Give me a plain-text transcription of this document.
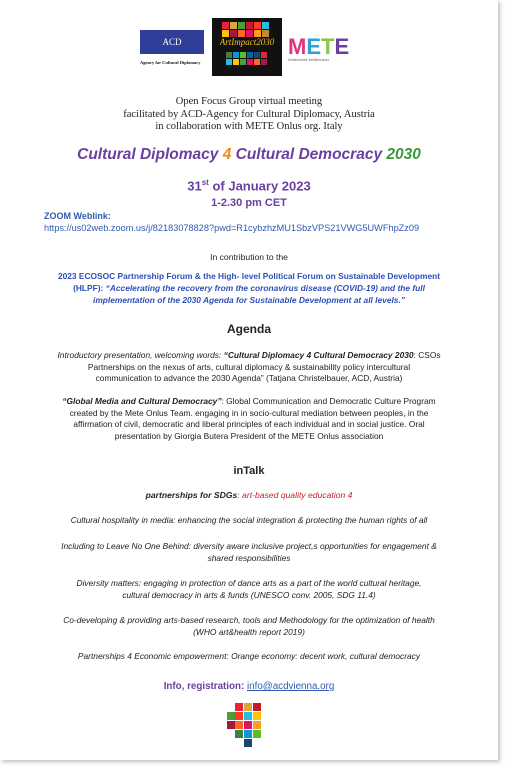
ACD
Agency for Cultural Diplomacy
ArtImpact2030 METE
Multimediale Mediterraneo
Open Focus Group virtual meeting
facilitated by ACD-Agency for Cultural Diplomacy, Austria
in collaboration with METE Onlus org. Italy
Cultural Diplomacy 4 Cultural Democracy 2030
31st of January 2023
1-2.30 pm CET
ZOOM Weblink:
https://us02web.zoom.us/j/82183078828?pwd=R1cybzhzMU1SbzVPS21VWG5UWFhpZz09
In contribution to the
2023 ECOSOC Partnership Forum & the High- level Political Forum on Sustainable Development
(HLPF): “Accelerating the recovery from the coronavirus disease (COVID-19) and the full
implementation of the 2030 Agenda for Sustainable Development at all levels.”
Agenda
Introductory presentation, welcoming words: “Cultural Diplomacy 4 Cultural Democracy 2030: CSOs
Partnerships on the nexus of arts, cultural diplomacy & sustainability policy intercultural
communication to advance the 2030 Agenda” (Tatjana Christelbauer, ACD, Austria)
“Global Media and Cultural Democracy”: Global Communication and Democratic Culture Program
created by the Mete Onlus Team. engaging in in socio-cultural mediation between peoples, in the
affirmation of civil, democratic and liberal principles of each individual and in social justice. Oral
presentation by Giorgia Butera President of the METE Onlus association
inTalk
partnerships for SDGs: art-based quality education 4
Cultural hospitality in media: enhancing the social integration & protecting the human rights of all
Including to Leave No One Behind: diversity aware inclusive project,s opportunities for engagement &
shared responsibilities
Diversity matters: engaging in protection of dance arts as a part of the world cultural heritage,
cultural democracy in arts & funds (UNESCO conv. 2005, SDG 11.4)
Co-developing & providing arts-based research, tools and Methodology for the optimization of health
(WHO art&health report 2019)
Partnerships 4 Economic empowerment: Orange economy: decent work, cultural democracy
Info, registration: info@acdvienna.org
